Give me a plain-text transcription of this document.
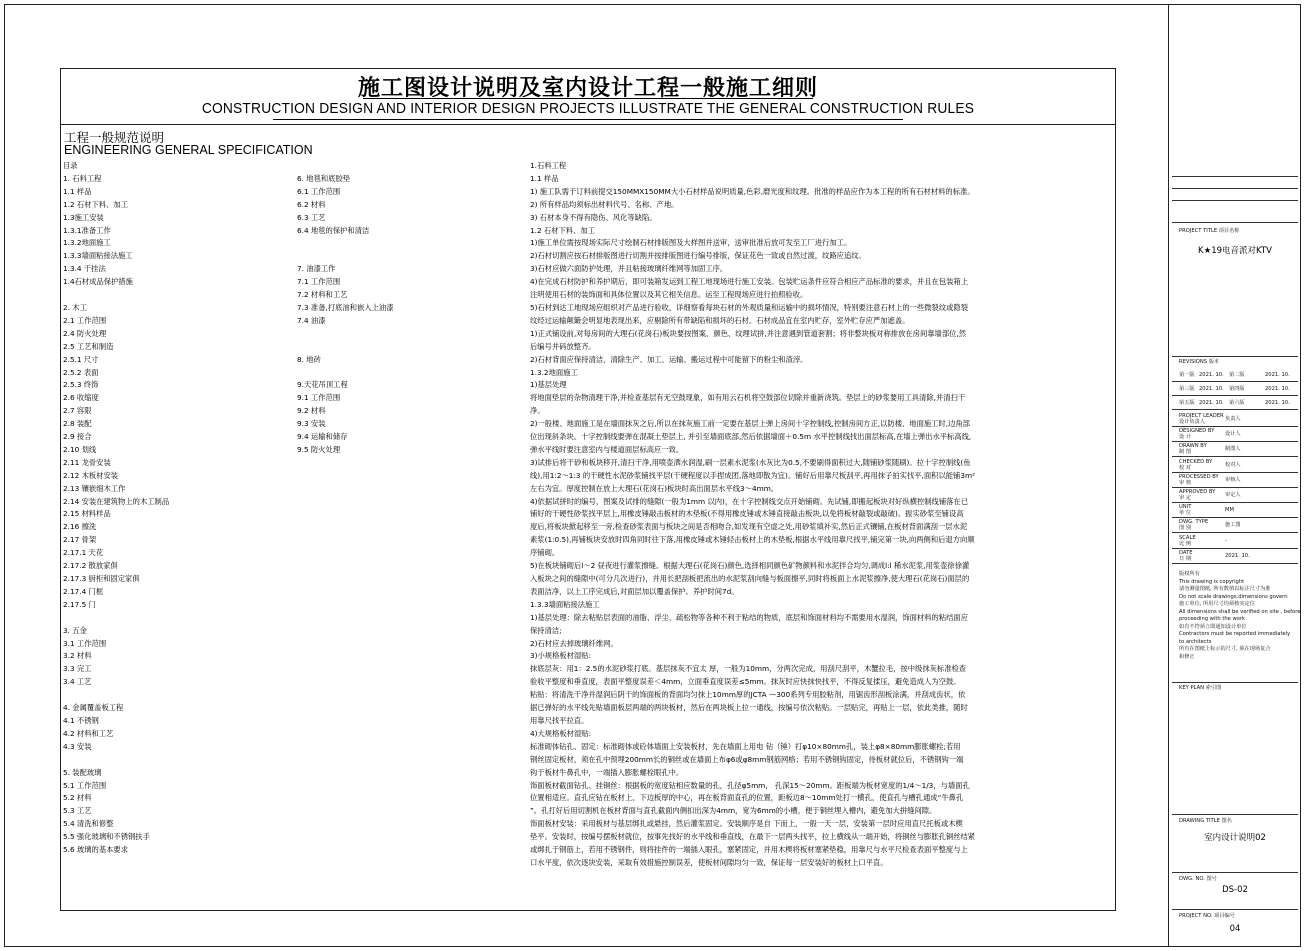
施工图设计说明及室内设计工程一般施工细则
CONSTRUCTION DESIGN AND INTERIOR DESIGN PROJECTS ILLUSTRATE THE GENERAL CONSTRUCTION RULES
工程一般规范说明
ENGINEERING GENERAL SPECIFICATION
目录
1. 石料工程
1.1 样品
1.2 石材下料、加工
1.3施工安装
1.3.1准备工作
1.3.2地面施工
1.3.3墙面粘接法施工
1.3.4 干挂法
1.4石材成品保护措施

2. 木工
2.1 工作范围
2.4 防火处理
2.5 工艺和制造
2.5.1 尺寸
2.5.2 表面
2.5.3 终饰
2.6 收缩度
2.7 容限
2.8 装配
2.9 接合
2.10 划线
2.11 龙骨安装
2.12 木板材安装
2.13 镶嵌细木工作
2.14 安装在建筑物上的木工制品
2.15 材料样品
2.16 擦洗
2.17 骨架
2.17.1 天花
2.17.2 散放家俱
2.17.3 厨柜和固定家俱
2.17.4 门框
2.17.5 门

3. 五金
3.1 工作范围
3.2 材料
3.3 完工
3.4 工艺

4. 金属覆盖板工程
4.1 不锈钢
4.2 材料和工艺
4.3 安装

5. 装配玻璃
5.1 工作范围
5.2 材料
5.3 工艺
5.4 清洗和修整
5.5 强化玻璃和不锈钢扶手
5.6 玻璃的基本要求

6. 地毯和底胶垫
6.1 工作范围
6.2 材料
6.3 工艺
6.4 地毯的保护和清洁

7. 油漆工作
7.1 工作范围
7.2 材料和工艺
7.3 准备,打底油和嵌入上油漆
7.4 油漆

8. 地砖

9.天花吊顶工程
9.1 工作范围
9.2 材料
9.3 安装
9.4 运输和储存
9.5 防火处理
1.石料工程
1.1 样品
1) 施工队需于订料前提交150MMX150MM大小石材样品说明质量,色彩,磨光度和纹理。批准的样品应作为本工程的所有石材材料的标准。
2) 所有样品均须标出材料代号、名称、产地。
3) 石材本身不得有隐伤、风化等缺陷。
1.2 石材下料、加工
1)施工单位需按现场实际尺寸绘制石材排版图及大样图并送审，送审批准后放可发至工厂进行加工。
2)石材切割应按石材排版图进行切割并按排版图进行编号排版，保证花色一致或自然过渡，纹路应追纹。
3)石材应做六面防护处理，并且粘接玻璃纤维网等加固工序。
4)在完成石材防护和养护期后，即可装箱发运到工程工地现场进行施工安装。包装贮运条件应符合相应产品标准的要求，并且在包装箱上
注明使用石材的装饰面和具体位置以及其它相关信息。运至工程现场应进行拍照验收。
5)石材到达工地现场应组织对产品进行验收，详细察看每块石材的外观质量和运输中的损坏情况，特别要注意石材上的一些微裂纹或隐裂
纹经过运输颠簸会明显地表现出来，应剔除所有带缺陷和损坏的石材。石材成品宜在室内贮存，室外贮存应严加遮盖。
1)正式铺设前,对每房间的大理石(花岗石)板块要按图案、颜色、纹理试拼,并注意遇到管道套割；将非整块板对称排放在房间靠墙部位,然
后编号并码放整齐。
2)石材背面应保持清洁，清除生产、加工、运输、搬运过程中可能留下的粉尘和渣滓。
1.3.2地面施工
1)基层处理
将地面垫层的杂物清理干净,并检查基层有无空鼓现象，如有用云石机将空鼓部位切除并重新浇筑。垫层上的砂浆要用工具清除,并清扫干
净。
2)一般楼、地面施工是在墙面抹灰之后,所以在抹灰施工前一定要在基层上弹上房间十字控制线,控制房间方正,以防楼、地面施工时,边角部
位出现斜条块。十字控制线要弹在混凝土垫层上, 并引至墙面底部,然后依据墙面＋0.5m 水平控制线找出面层标高,在墙上弹出水平标高线,
弹水平线时要注意室内与楼道面层标高应一致。
3)试排后将干砂和板块移开,清扫干净,用喷壶洒水润湿,刷一层素水泥浆(水灰比为0.5,不要刷得面积过大,随铺砂浆随刷)。拉十字控制线(鱼
线),用1:2～1:3 的干硬性水泥砂浆铺找平层(干硬程度以手捏成团,落地即散为宜)。铺好后用靠尺板刮平,再用抹子拍实找平,面积以能铺3m²
左右为宜。厚度控制在放上大理石(花岗石)板块时高出面层水平线3～4mm。
4)依据试拼时的编号、图案及试排的缝隙(一般为1mm 以内)，在十字控制线交点开始铺砌。先试铺,即搬起板块对好纵横控制线铺落在已
铺好的干硬性砂浆找平层上,用橡皮锤敲击板材的木垫板(不得用橡皮锤或木锤直接敲击板块,以免将板材敲裂或敲破)。振实砂浆至铺设高
度后,将板块掀起移至一旁,检查砂浆表面与板块之间是否相吻合,如发现有空虚之处,用砂浆填补实,然后正式镶铺,在板材背面满刮一层水泥
素浆(1:0.5),再铺板块安放时四角同时往下落,用橡皮锤或木锤轻击板材上的木垫板,根据水平线用靠尺找平,铺完第一块,向两侧和后退方向顺
序铺砌。
5)在板块铺砌后l～2 昼夜进行灌浆擦缝。根据大理石(花岗石)颜色,选择相同颜色矿物颜料和水泥拌合均匀,调成l:l 稀水泥浆,用浆壶徐徐灌
入板块之间的缝隙中(可分几次进行)，并用长把刮板把流出的水泥浆刮向缝与板面擦平,同时将板面上水泥浆擦净,使大理石(花岗石)面层的
表面洁净，以上工序完成后,对面层加以覆盖保护。养护时间7d。
1.3.3墙面粘接法施工
1)基层处理：除去粘贴层表面的油脂、浮尘、疏松物等各种不利于粘结的物质，底层和饰面材料均不需要用水湿润，饰面材料的粘结面应
保持清洁;
2)石材应去掉玻璃纤维网。
3)小规格板材湿贴:
抹底层灰：用1：2.5的水泥砂浆打底。基层抹灰不宜太 厚，一般为10mm，分两次完成，用刮尺刮平，木蟹拉毛，按中级抹灰标准检查
验收平整度和垂直度，表面平整度误差＜4mm，立面垂直度误差≤5mm。抹灰时应快抹快找平，不得反复揉压，避免造成人为空鼓。
粘贴：将清洗干净并湿润后阴干的饰面板的背面均匀抹上10mm厚的JCTA —300系列专用胶粘剂，用锯齿形刮板涂满，并刮成齿状，依
据已弹好的水平线先贴墙面板层两端的两块板材，然后在两块板上拉一通线，按编号依次粘贴。一层贴完，再贴上一层，依此类推，随时
用靠尺找平拉直。
4)大规格板材湿贴:
标准砌体钻孔、固定：标准砌体或砼体墙面上安装板材，先在墙面上用电 钻（锤）打φ10×80mm孔，装上φ8×80mm膨胀螺栓;若用
钢丝固定板材，须在孔中预埋200mm长的铜丝或在墙面上布φ6或φ8mm钢筋网格；若用不锈钢钩固定，待板材就位后，不锈钢钩一端
钩于板材牛鼻孔中，一端插入膨胀螺栓眼孔中。
饰面板材截面钻孔、挂铜丝：根据板的宽度钻相应数量的孔，孔径φ5mm， 孔深15～20mm。距板端为板材宽度的1/4～1/3，与墙面孔
位置相适应。直孔应钻在板材上、下边板厚的中心，再在板背面直孔的位置，距板边8～10mm处打一横孔，使直孔与槽孔通成“牛鼻孔
”。孔打好后用切割机在板材背面与直孔截面内侧扣出深为4mm，宽为6mm的小槽，便于铜丝埋入槽内，避免加大拼缝间隙。
饰面板材安装：采用板材与基层绑扎或悬挂，然后灌浆固定。安装顺序是自 下而上，一般一天一层，安装第一层时应用直尺托板或木楔
垫平。安装时，按编号摆板材就位，按事先找好的水平线和垂直线，在最下一层两头找平，拉上横线从一端开始，将铜丝与膨胀孔铜丝结紧
或绑扎于钢筋上，若用不锈钢件，则将挂件的一端插入眼孔，塞紧固定，并用木楔将板材塞紧垫稳，用靠尺与水平尺检查表面平整度与上
口水平度，依次逐块安装，采取有效措施控制误差，使板材间隙均匀一致，保证每一层安装好的板材上口平直。
PROJECT TITLE 项目名称
K★19电音派对KTV
REVISIONS 版本
KEY PLAN 索引图
DRAWING TITLE 图名
室内设计说明02
DWG. NO. 图号
DS-02
PROJECT NO. 项目编号
04
第一版 2021. 10. 第二版	2021. 10.
第三版 2021. 10. 第四版	2021. 10.
第五版 2021. 10. 第六版	2021. 10.
PROJECT LEADER
设计负责人	负责人
DESIGNED BY
设 计	设计人
DRAWN BY
制 图	制图人
CHECKED BY
校 对	校对人
PROCESSED BY
审 核	审核人
APPROVED BY
审 定	审定人
UNIT
单 位	MM
DWG. TYPE
图 别	施工图
SCALE
比 例	-
DATE
日 期	2021. 10.
版权所有
This drawing is copyright
请勿测量图纸, 所有数值以标注尺寸为准
Do not scale drawings.dimensions govern
施工单位, 所用尺寸均须核实定位
All dimensions shall be verified on site , before
proceeding with the work
如有不符须立即通知设计单位
Contractors must be reported immediately
to architects
所有在图纸上标示的尺寸, 须在现场复合
和修正
